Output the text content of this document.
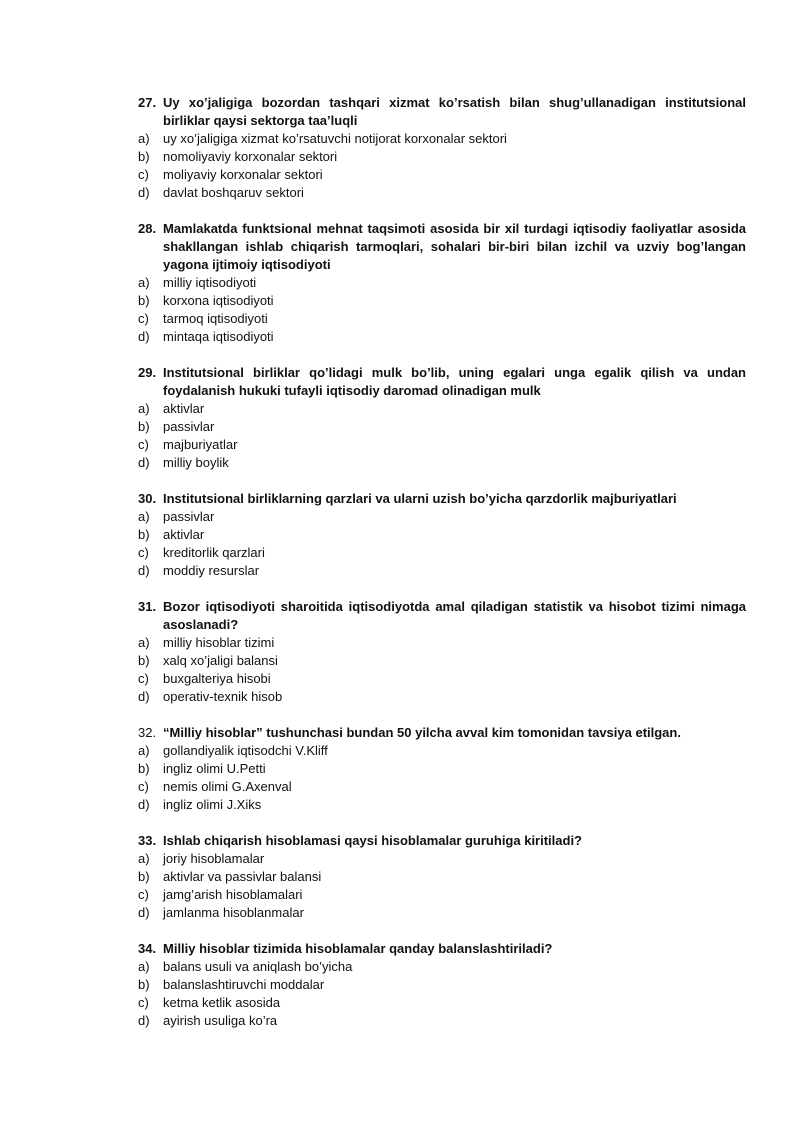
27. Uy xo’jaligiga bozordan tashqari xizmat ko’rsatish bilan shug’ullanadigan institutsional birliklar qaysi sektorga taa’luqli
a) uy xo’jaligiga xizmat ko’rsatuvchi notijorat korxonalar sektori
b) nomoliyaviy korxonalar sektori
c) moliyaviy korxonalar sektori
d) davlat boshqaruv sektori
28. Mamlakatda funktsional mehnat taqsimoti asosida bir xil turdagi iqtisodiy faoliyatlar asosida shakllangan ishlab chiqarish tarmoqlari, sohalari bir-biri bilan izchil va uzviy bog’langan yagona ijtimoiy iqtisodiyoti
a) milliy iqtisodiyoti
b) korxona iqtisodiyoti
c) tarmoq iqtisodiyoti
d) mintaqa iqtisodiyoti
29. Institutsional birliklar qo’lidagi mulk bo’lib, uning egalari unga egalik qilish va undan foydalanish hukuki tufayli iqtisodiy daromad olinadigan mulk
a) aktivlar
b) passivlar
c) majburiyatlar
d) milliy boylik
30. Institutsional birliklarning qarzlari va ularni uzish bo’yicha qarzdorlik majburiyatlari
a) passivlar
b) aktivlar
c) kreditorlik qarzlari
d) moddiy resurslar
31. Bozor iqtisodiyoti sharoitida iqtisodiyotda amal qiladigan statistik va hisobot tizimi nimaga asoslanadi?
a) milliy hisoblar tizimi
b) xalq xo’jaligi balansi
c) buxgalteriya hisobi
d) operativ-texnik hisob
32. “Milliy hisoblar” tushunchasi bundan 50 yilcha avval kim tomonidan tavsiya etilgan.
a) gollandiyalik iqtisodchi V.Kliff
b) ingliz olimi U.Petti
c) nemis olimi G.Axenval
d) ingliz olimi J.Xiks
33. Ishlab chiqarish hisoblamasi qaysi hisoblamalar guruhiga kiritiladi?
a) joriy hisoblamalar
b) aktivlar va passivlar balansi
c) jamg’arish hisoblamalari
d) jamlanma hisoblanmalar
34. Milliy hisoblar tizimida hisoblamalar qanday balanslashtiriladi?
a) balans usuli va aniqlash bo’yicha
b) balanslashtiruvchi moddalar
c) ketma ketlik asosida
d) ayirish usuliga ko’ra
